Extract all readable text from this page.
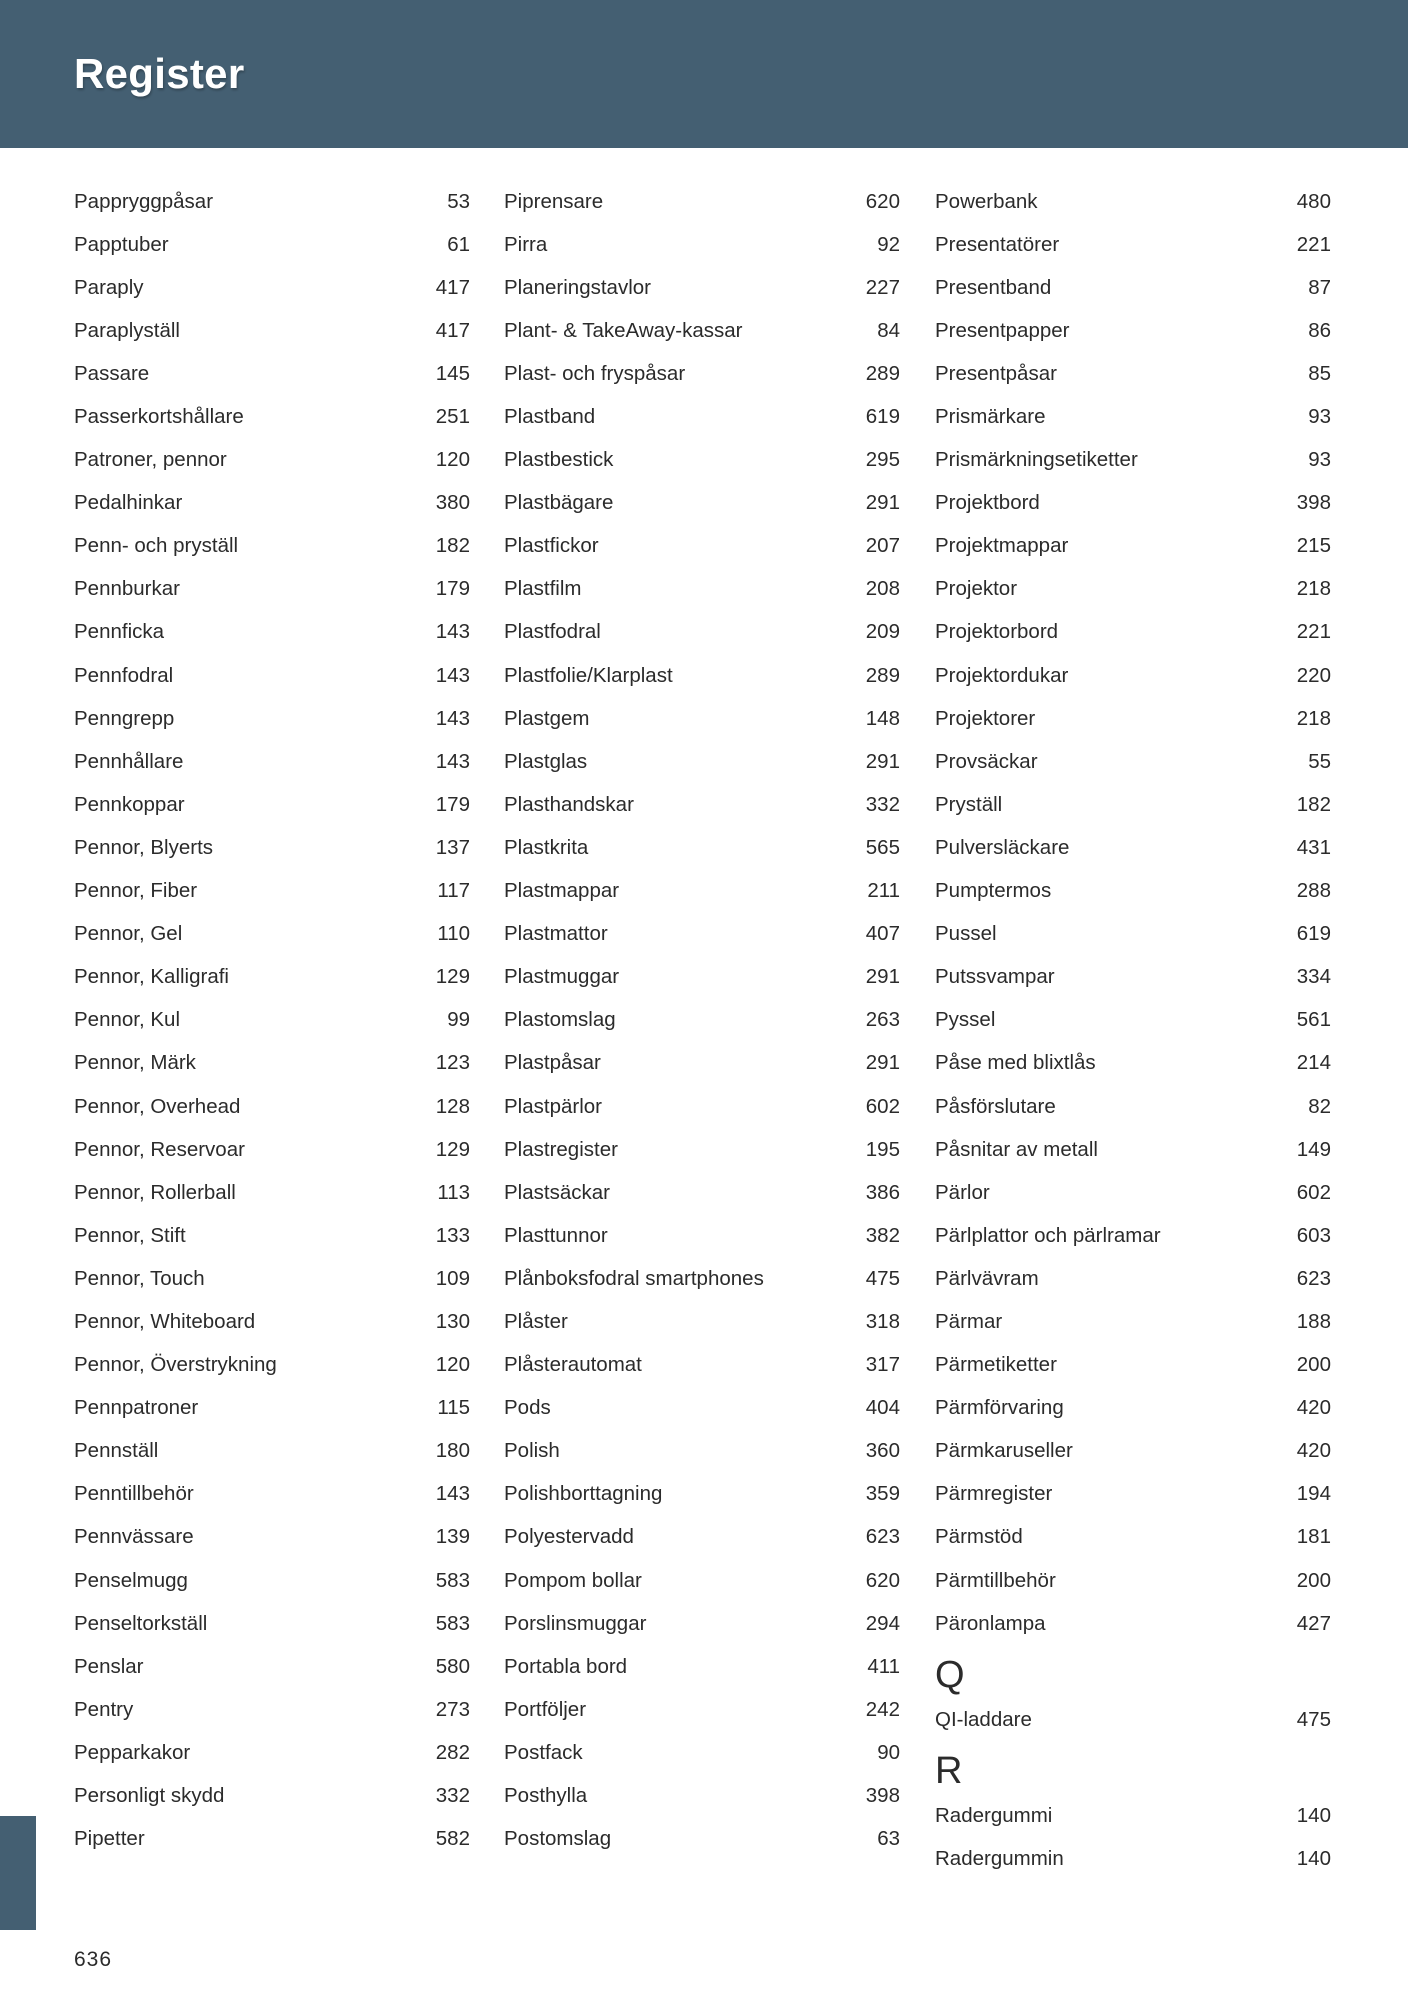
Register
Pappryggpåsar	53
Papptuber	61
Paraply	417
Paraplyställ	417
Passare	145
Passerkortshållare	251
Patroner, pennor	120
Pedalhinkar	380
Penn- och pryställ	182
Pennburkar	179
Pennficka	143
Pennfodral	143
Penngrepp	143
Pennhållare	143
Pennkoppar	179
Pennor, Blyerts	137
Pennor, Fiber	117
Pennor, Gel	110
Pennor, Kalligrafi	129
Pennor, Kul	99
Pennor, Märk	123
Pennor, Overhead	128
Pennor, Reservoar	129
Pennor, Rollerball	113
Pennor, Stift	133
Pennor, Touch	109
Pennor, Whiteboard	130
Pennor, Överstrykning	120
Pennpatroner	115
Pennställ	180
Penntillbehör	143
Pennvässare	139
Penselmugg	583
Penseltorkställ	583
Penslar	580
Pentry	273
Pepparkakor	282
Personligt skydd	332
Pipetter	582
Piprensare	620
Pirra	92
Planeringstavlor	227
Plant- & TakeAway-kassar	84
Plast- och fryspåsar	289
Plastband	619
Plastbestick	295
Plastbägare	291
Plastfickor	207
Plastfilm	208
Plastfodral	209
Plastfolie/Klarplast	289
Plastgem	148
Plastglas	291
Plasthandskar	332
Plastkrita	565
Plastmappar	211
Plastmattor	407
Plastmuggar	291
Plastomslag	263
Plastpåsar	291
Plastpärlor	602
Plastregister	195
Plastsäckar	386
Plasttunnor	382
Plånboksfodral smartphones	475
Plåster	318
Plåsterautomat	317
Pods	404
Polish	360
Polishborttagning	359
Polyestervadd	623
Pompom bollar	620
Porslinsmuggar	294
Portabla bord	411
Portföljer	242
Postfack	90
Posthylla	398
Postomslag	63
Powerbank	480
Presentatörer	221
Presentband	87
Presentpapper	86
Presentpåsar	85
Prismärkare	93
Prismärkningsetiketter	93
Projektbord	398
Projektmappar	215
Projektor	218
Projektorbord	221
Projektordukar	220
Projektorer	218
Provsäckar	55
Pryställ	182
Pulversläckare	431
Pumptermos	288
Pussel	619
Putssvampar	334
Pyssel	561
Påse med blixtlås	214
Påsförslutare	82
Påsnitar av metall	149
Pärlor	602
Pärlplattor och pärlramar	603
Pärlvävram	623
Pärmar	188
Pärmetiketter	200
Pärmförvaring	420
Pärmkaruseller	420
Pärmregister	194
Pärmstöd	181
Pärmtillbehör	200
Päronlampa	427
Q
QI-laddare	475
R
Radergummi	140
Radergummin	140
636
